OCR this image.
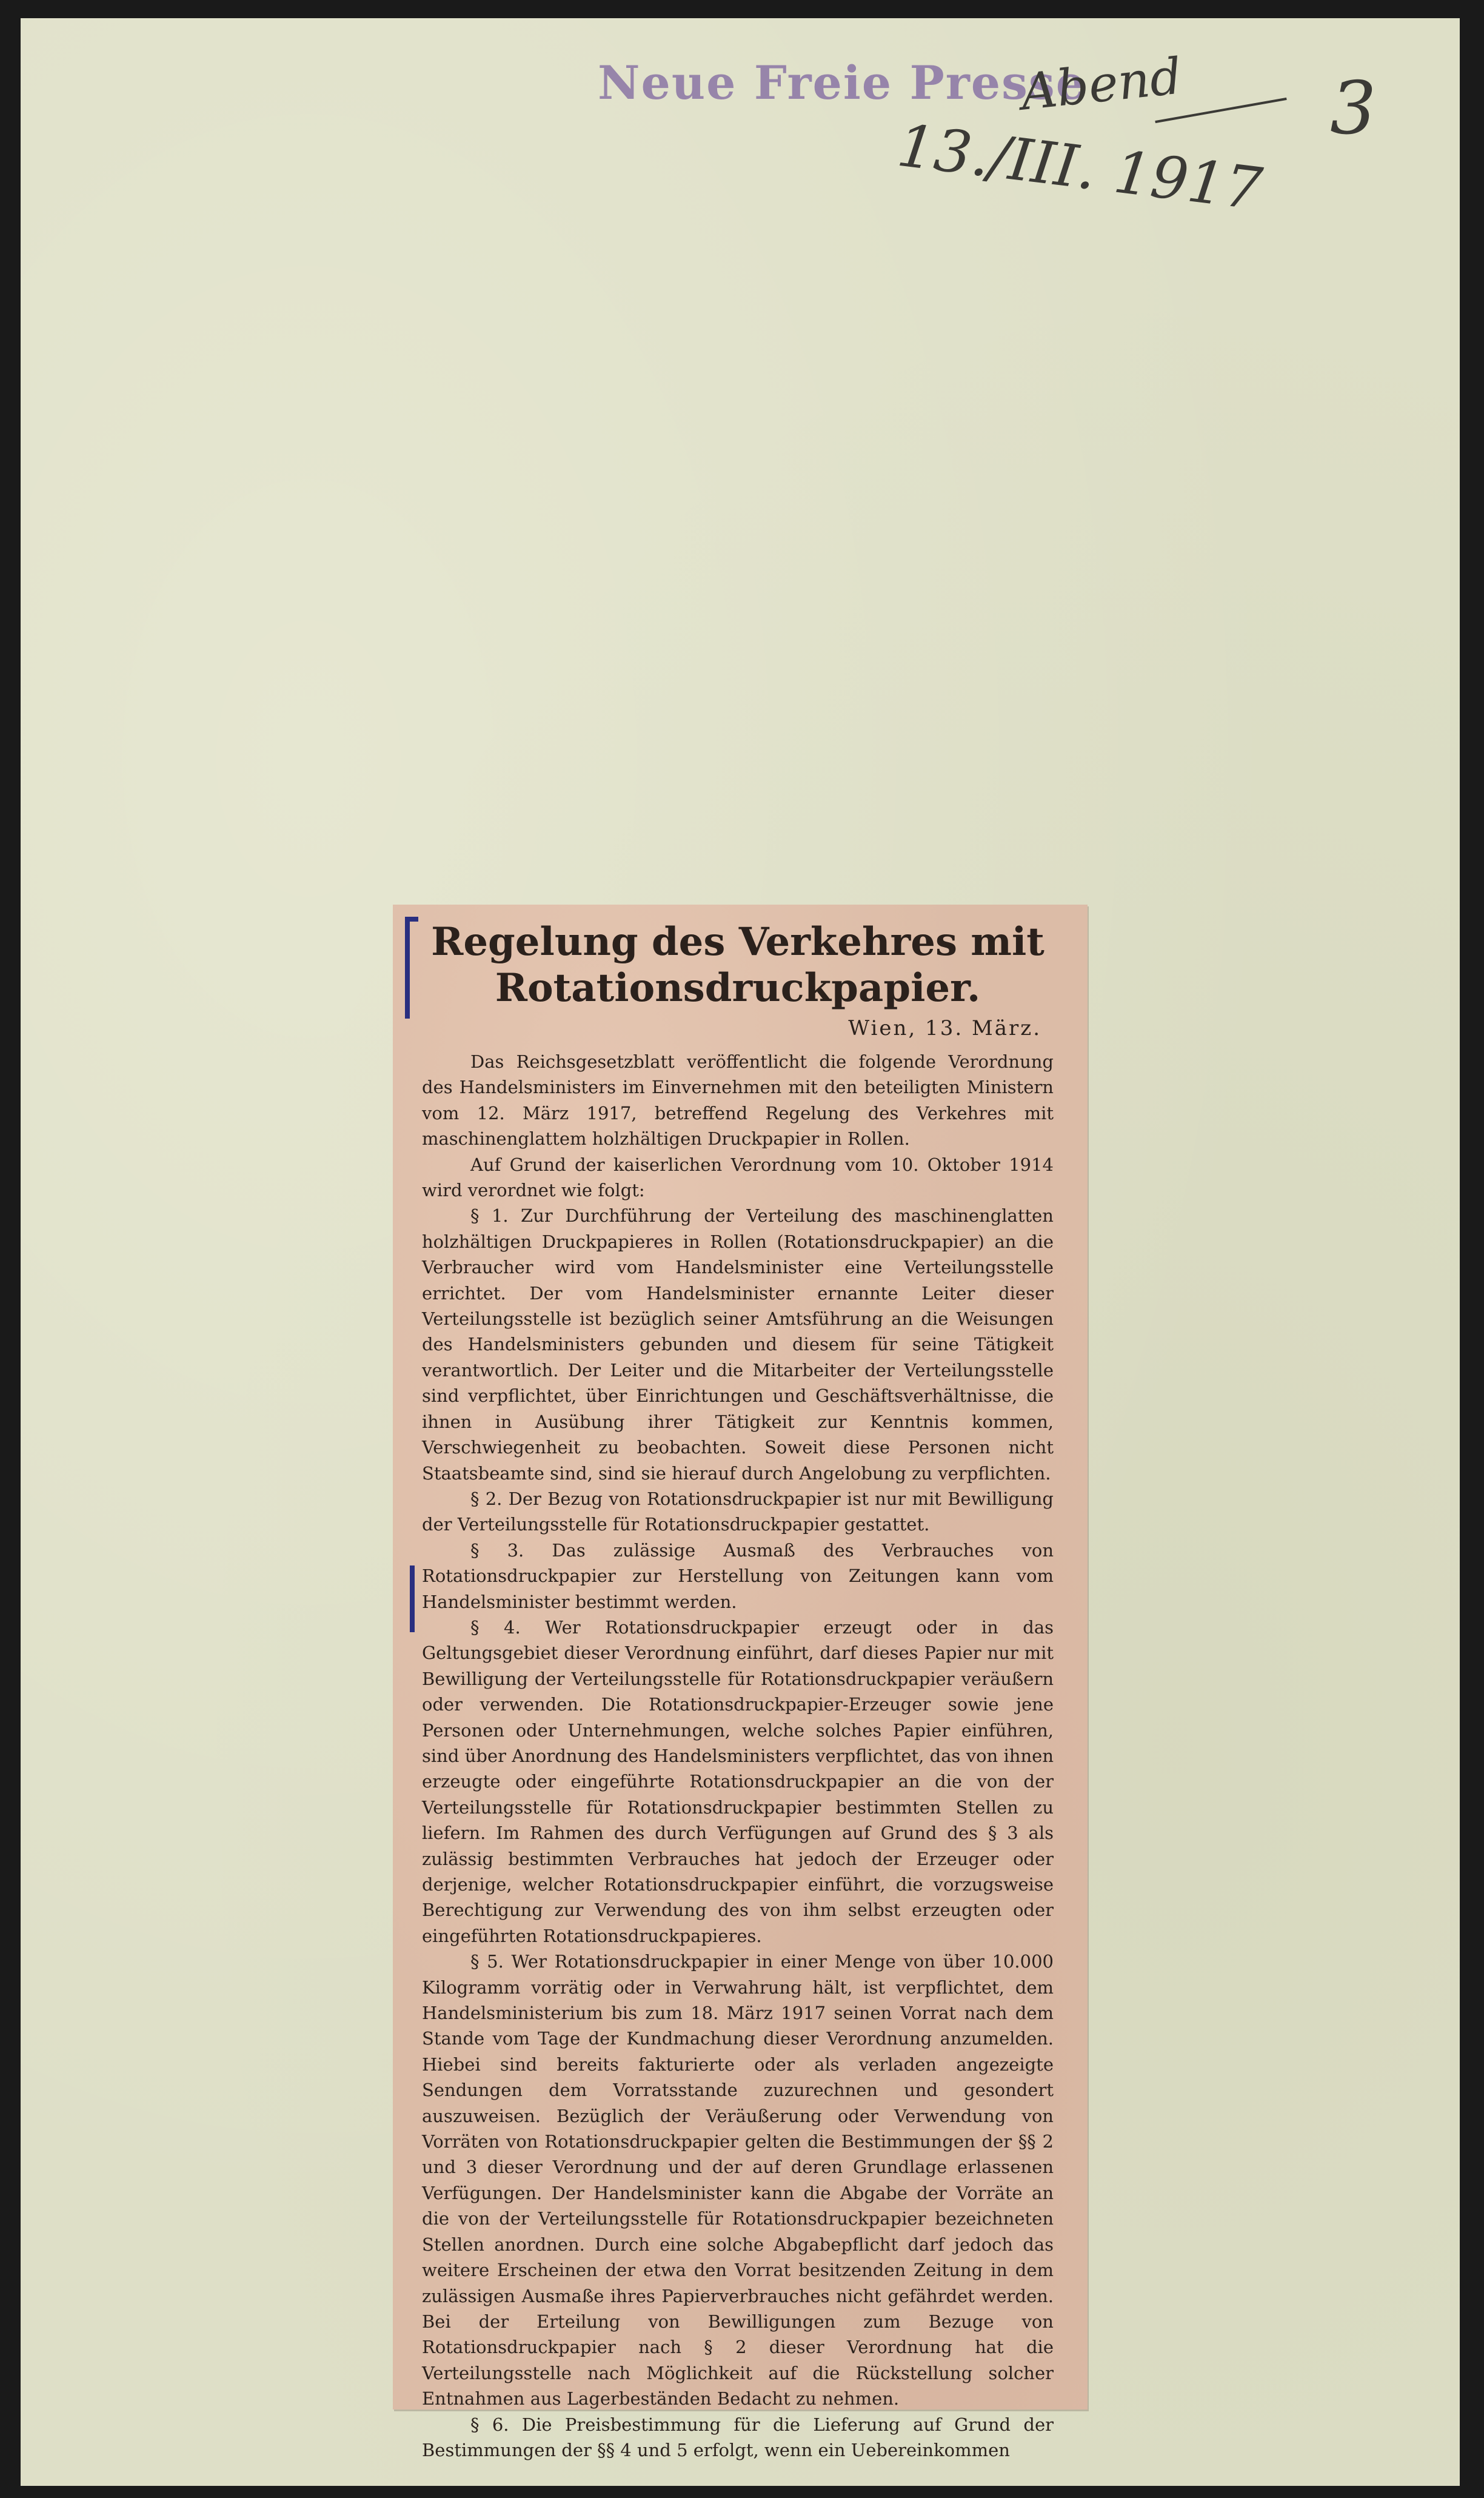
Neue Freie Presse
Abend
13./III. 1917
3
Regelung des Verkehres mit Rotationsdruckpapier.
Wien, 13. März.

Das Reichsgesetzblatt veröffentlicht die folgende Verordnung des Handelsministers im Einvernehmen mit den beteiligten Ministern vom 12. März 1917, betreffend Regelung des Verkehres mit maschinenglattem holzhältigen Druckpapier in Rollen.

Auf Grund der kaiserlichen Verordnung vom 10. Oktober 1914 wird verordnet wie folgt:

§ 1. Zur Durchführung der Verteilung des maschinenglatten holzhältigen Druckpapieres in Rollen (Rotationsdruckpapier) an die Verbraucher wird vom Handelsminister eine Verteilungsstelle errichtet. Der vom Handelsminister ernannte Leiter dieser Verteilungsstelle ist bezüglich seiner Amtsführung an die Weisungen des Handelsministers gebunden und diesem für seine Tätigkeit verantwortlich. Der Leiter und die Mitarbeiter der Verteilungsstelle sind verpflichtet, über Einrichtungen und Geschäftsverhältnisse, die ihnen in Ausübung ihrer Tätigkeit zur Kenntnis kommen, Verschwiegenheit zu beobachten. Soweit diese Personen nicht Staatsbeamte sind, sind sie hierauf durch Angelobung zu verpflichten.

§ 2. Der Bezug von Rotationsdruckpapier ist nur mit Bewilligung der Verteilungsstelle für Rotationsdruckpapier gestattet.

§ 3. Das zulässige Ausmaß des Verbrauches von Rotationsdruckpapier zur Herstellung von Zeitungen kann vom Handelsminister bestimmt werden.

§ 4. Wer Rotationsdruckpapier erzeugt oder in das Geltungsgebiet dieser Verordnung einführt, darf dieses Papier nur mit Bewilligung der Verteilungsstelle für Rotationsdruckpapier veräußern oder verwenden. Die Rotationsdruckpapier-Erzeuger sowie jene Personen oder Unternehmungen, welche solches Papier einführen, sind über Anordnung des Handelsministers verpflichtet, das von ihnen erzeugte oder eingeführte Rotationsdruckpapier an die von der Verteilungsstelle für Rotationsdruckpapier bestimmten Stellen zu liefern. Im Rahmen des durch Verfügungen auf Grund des § 3 als zulässig bestimmten Verbrauches hat jedoch der Erzeuger oder derjenige, welcher Rotationsdruckpapier einführt, die vorzugsweise Berechtigung zur Verwendung des von ihm selbst erzeugten oder eingeführten Rotationsdruckpapieres.

§ 5. Wer Rotationsdruckpapier in einer Menge von über 10.000 Kilogramm vorrätig oder in Verwahrung hält, ist verpflichtet, dem Handelsministerium bis zum 18. März 1917 seinen Vorrat nach dem Stande vom Tage der Kundmachung dieser Verordnung anzumelden. Hiebei sind bereits fakturierte oder als verladen angezeigte Sendungen dem Vorratsstande zuzurechnen und gesondert auszuweisen. Bezüglich der Veräußerung oder Verwendung von Vorräten von Rotationsdruckpapier gelten die Bestimmungen der §§ 2 und 3 dieser Verordnung und der auf deren Grundlage erlassenen Verfügungen. Der Handelsminister kann die Abgabe der Vorräte an die von der Verteilungsstelle für Rotationsdruckpapier bezeichneten Stellen anordnen. Durch eine solche Abgabepflicht darf jedoch das weitere Erscheinen der etwa den Vorrat besitzenden Zeitung in dem zulässigen Ausmaße ihres Papierverbrauches nicht gefährdet werden. Bei der Erteilung von Bewilligungen zum Bezuge von Rotationsdruckpapier nach § 2 dieser Verordnung hat die Verteilungsstelle nach Möglichkeit auf die Rückstellung solcher Entnahmen aus Lagerbeständen Bedacht zu nehmen.

§ 6. Die Preisbestimmung für die Lieferung auf Grund der Bestimmungen der §§ 4 und 5 erfolgt, wenn ein Uebereinkommen
